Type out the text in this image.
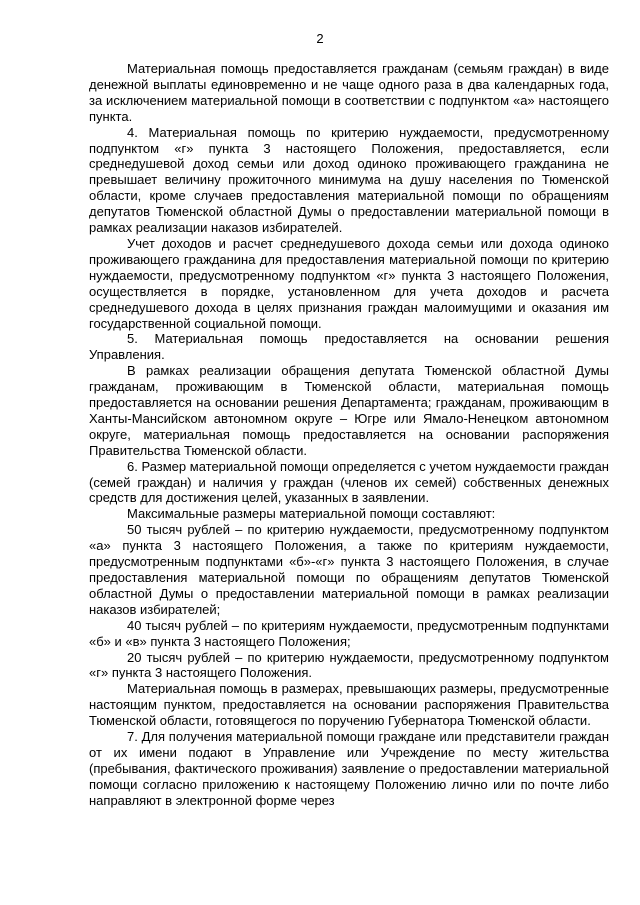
2

Материальная помощь предоставляется гражданам (семьям граждан) в виде денежной выплаты единовременно и не чаще одного раза в два календарных года, за исключением материальной помощи в соответствии с подпунктом «а» настоящего пункта.

4. Материальная помощь по критерию нуждаемости, предусмотренному подпунктом «г» пункта 3 настоящего Положения, предоставляется, если среднедушевой доход семьи или доход одиноко проживающего гражданина не превышает величину прожиточного минимума на душу населения по Тюменской области, кроме случаев предоставления материальной помощи по обращениям депутатов Тюменской областной Думы о предоставлении материальной помощи в рамках реализации наказов избирателей.

Учет доходов и расчет среднедушевого дохода семьи или дохода одиноко проживающего гражданина для предоставления материальной помощи по критерию нуждаемости, предусмотренному подпунктом «г» пункта 3 настоящего Положения, осуществляется в порядке, установленном для учета доходов и расчета среднедушевого дохода в целях признания граждан малоимущими и оказания им государственной социальной помощи.

5. Материальная помощь предоставляется на основании решения Управления.

В рамках реализации обращения депутата Тюменской областной Думы гражданам, проживающим в Тюменской области, материальная помощь предоставляется на основании решения Департамента; гражданам, проживающим в Ханты-Мансийском автономном округе – Югре или Ямало-Ненецком автономном округе, материальная помощь предоставляется на основании распоряжения Правительства Тюменской области.

6. Размер материальной помощи определяется с учетом нуждаемости граждан (семей граждан) и наличия у граждан (членов их семей) собственных денежных средств для достижения целей, указанных в заявлении.

Максимальные размеры материальной помощи составляют:

50 тысяч рублей – по критерию нуждаемости, предусмотренному подпунктом «а» пункта 3 настоящего Положения, а также по критериям нуждаемости, предусмотренным подпунктами «б»-«г» пункта 3 настоящего Положения, в случае предоставления материальной помощи по обращениям депутатов Тюменской областной Думы о предоставлении материальной помощи в рамках реализации наказов избирателей;

40 тысяч рублей – по критериям нуждаемости, предусмотренным подпунктами «б» и «в» пункта 3 настоящего Положения;

20 тысяч рублей – по критерию нуждаемости, предусмотренному подпунктом «г» пункта 3 настоящего Положения.

Материальная помощь в размерах, превышающих размеры, предусмотренные настоящим пунктом, предоставляется на основании распоряжения Правительства Тюменской области, готовящегося по поручению Губернатора Тюменской области.

7. Для получения материальной помощи граждане или представители граждан от их имени подают в Управление или Учреждение по месту жительства (пребывания, фактического проживания) заявление о предоставлении материальной помощи согласно приложению к настоящему Положению лично или по почте либо направляют в электронной форме через
